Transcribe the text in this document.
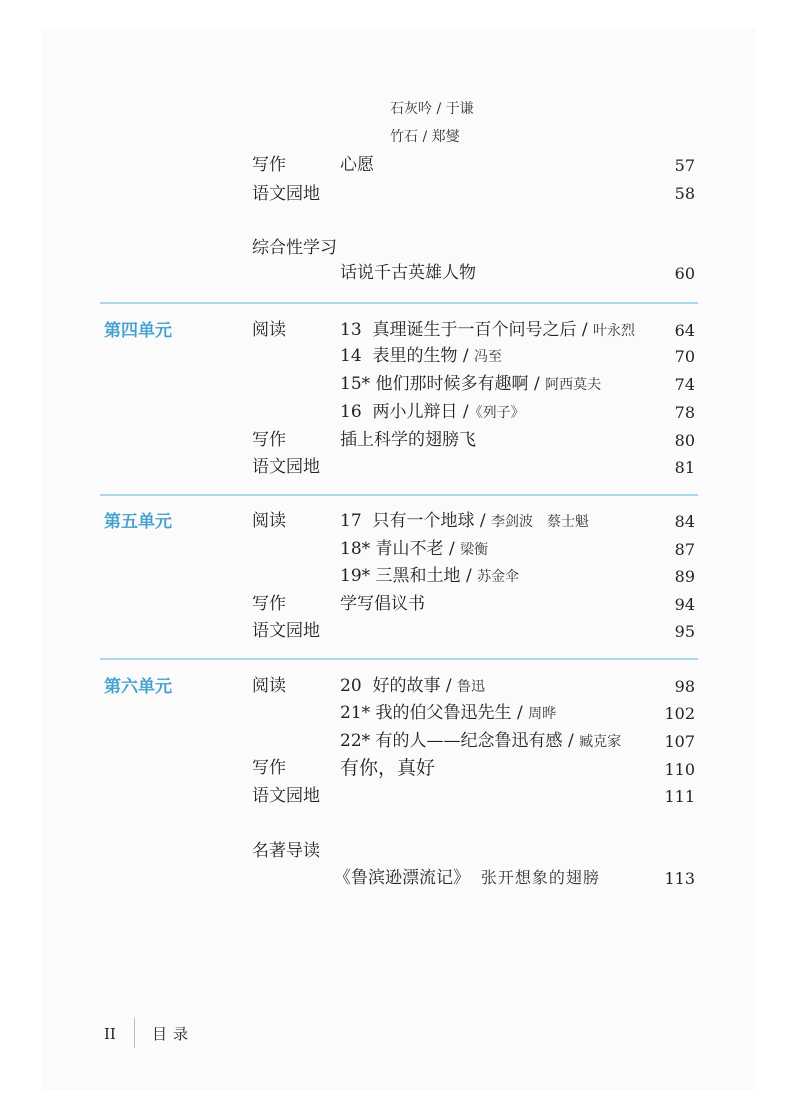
石灰吟 / 于谦
竹石 / 郑燮
写作	心愿	57
语文园地	58
综合性学习
话说千古英雄人物	60
第四单元	阅读	13 真理诞生于一百个问号之后 / 叶永烈 64
14 表里的生物 / 冯至	70
15* 他们那时候多有趣啊 / 阿西莫夫	74
16 两小儿辩日 /《列子》	78
写作	插上科学的翅膀飞	80
语文园地	81
第五单元	阅读	17 只有一个地球 / 李剑波　蔡士魁	84
18* 青山不老 / 梁衡	87
19* 三黑和土地 / 苏金伞	89
写作	学写倡议书	94
语文园地	95
第六单元	阅读	20 好的故事 / 鲁迅	98
21* 我的伯父鲁迅先生 / 周晔	102
22* 有的人——纪念鲁迅有感 / 臧克家	107
写作	有你，真好	110
语文园地	111
名著导读
《鲁滨逊漂流记》 张开想象的翅膀	113
II 目录
